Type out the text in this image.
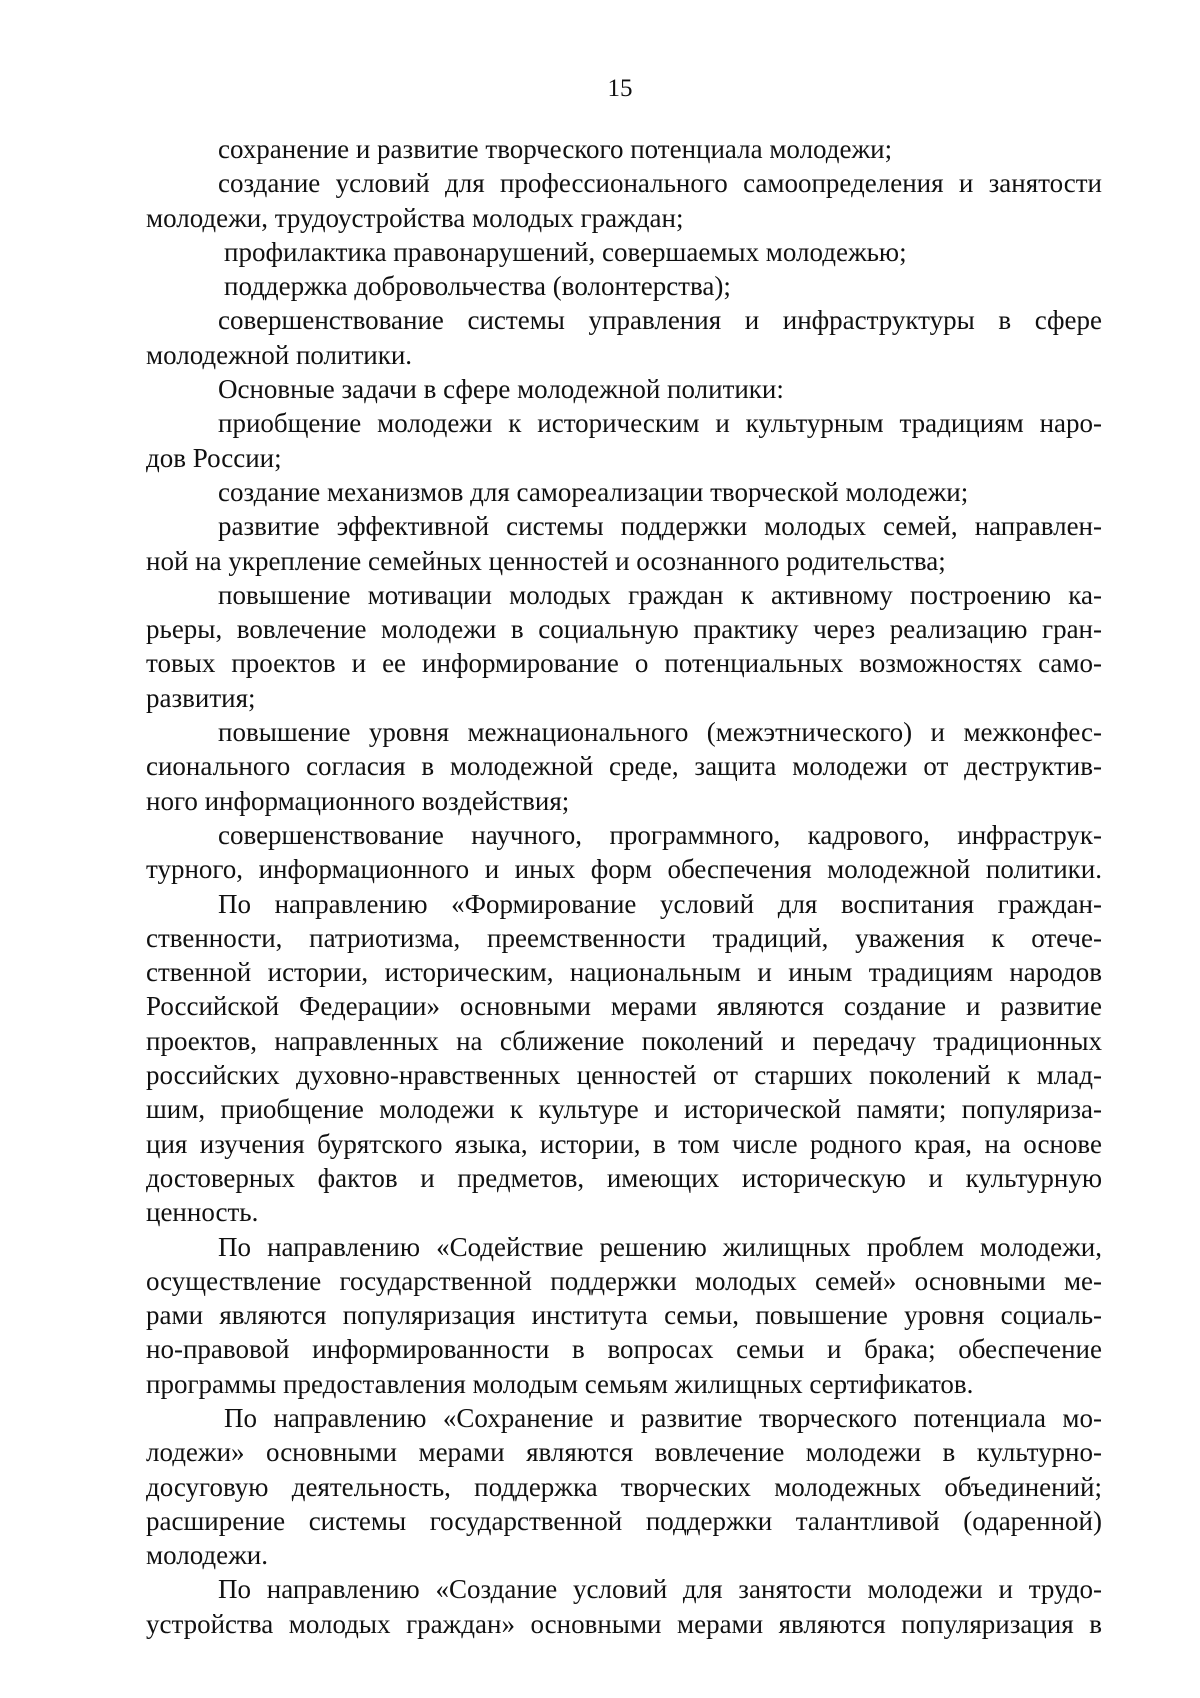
15
сохранение и развитие творческого потенциала молодежи;
создание условий для профессионального самоопределения и занятости
молодежи, трудоустройства молодых граждан;
профилактика правонарушений, совершаемых молодежью;
поддержка добровольчества (волонтерства);
совершенствование системы управления и инфраструктуры в сфере
молодежной политики.
Основные задачи в сфере молодежной политики:
приобщение молодежи к историческим и культурным традициям наро-
дов России;
создание механизмов для самореализации творческой молодежи;
развитие эффективной системы поддержки молодых семей, направлен-
ной на укрепление семейных ценностей и осознанного родительства;
повышение мотивации молодых граждан к активному построению ка-
рьеры, вовлечение молодежи в социальную практику через реализацию гран-
товых проектов и ее информирование о потенциальных возможностях само-
развития;
повышение уровня межнационального (межэтнического) и межконфес-
сионального согласия в молодежной среде, защита молодежи от деструктив-
ного информационного воздействия;
совершенствование научного, программного, кадрового, инфраструк-
турного, информационного и иных форм обеспечения молодежной политики.
По направлению «Формирование условий для воспитания граждан-
ственности, патриотизма, преемственности традиций, уважения к отече-
ственной истории, историческим, национальным и иным традициям народов
Российской Федерации» основными мерами являются создание и развитие
проектов, направленных на сближение поколений и передачу традиционных
российских духовно-нравственных ценностей от старших поколений к млад-
шим, приобщение молодежи к культуре и исторической памяти; популяриза-
ция изучения бурятского языка, истории, в том числе родного края, на основе
достоверных фактов и предметов, имеющих историческую и культурную
ценность.
По направлению «Содействие решению жилищных проблем молодежи,
осуществление государственной поддержки молодых семей» основными ме-
рами являются популяризация института семьи, повышение уровня социаль-
но-правовой информированности в вопросах семьи и брака; обеспечение
программы предоставления молодым семьям жилищных сертификатов.
По направлению «Сохранение и развитие творческого потенциала мо-
лодежи» основными мерами являются вовлечение молодежи в культурно-
досуговую деятельность, поддержка творческих молодежных объединений;
расширение системы государственной поддержки талантливой (одаренной)
молодежи.
По направлению «Создание условий для занятости молодежи и трудо-
устройства молодых граждан» основными мерами являются популяризация в
